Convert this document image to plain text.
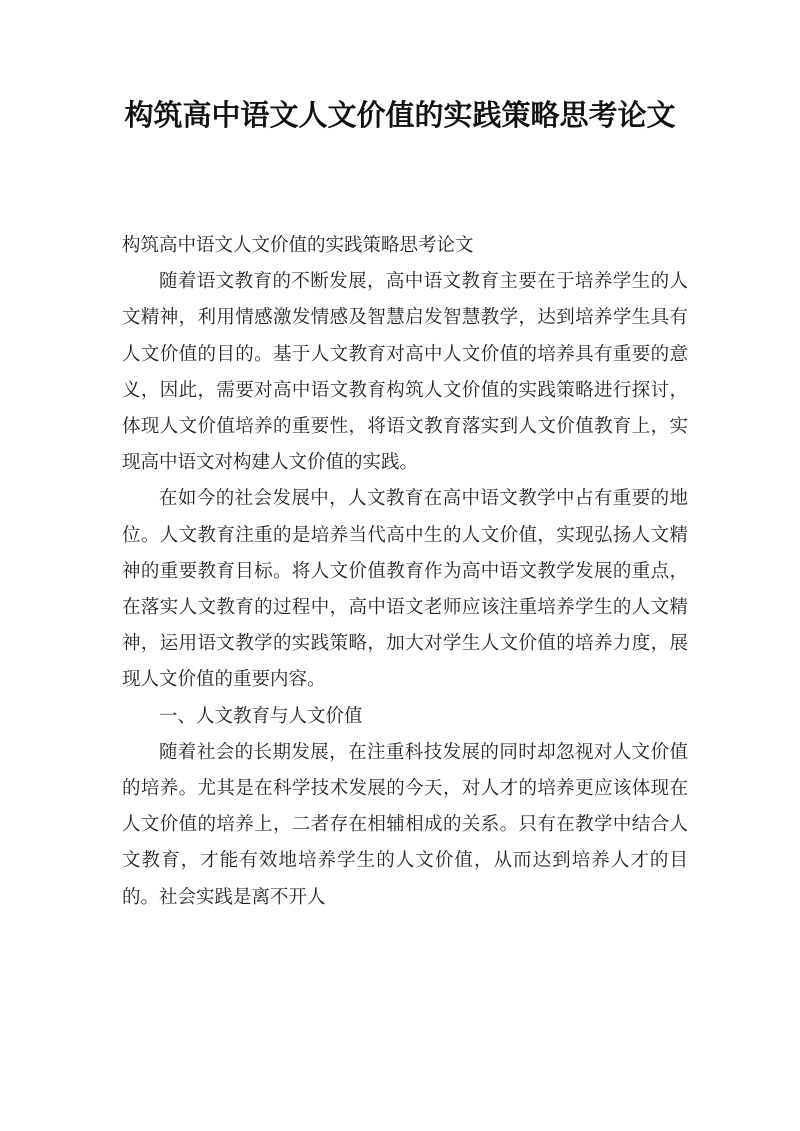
构筑高中语文人文价值的实践策略思考论文

构筑高中语文人文价值的实践策略思考论文

随着语文教育的不断发展，高中语文教育主要在于培养学生的人文精神，利用情感激发情感及智慧启发智慧教学，达到培养学生具有人文价值的目的。基于人文教育对高中人文价值的培养具有重要的意义，因此，需要对高中语文教育构筑人文价值的实践策略进行探讨，体现人文价值培养的重要性，将语文教育落实到人文价值教育上，实现高中语文对构建人文价值的实践。

在如今的社会发展中，人文教育在高中语文教学中占有重要的地位。人文教育注重的是培养当代高中生的人文价值，实现弘扬人文精神的重要教育目标。将人文价值教育作为高中语文教学发展的重点，在落实人文教育的过程中，高中语文老师应该注重培养学生的人文精神，运用语文教学的实践策略，加大对学生人文价值的培养力度，展现人文价值的重要内容。

一、人文教育与人文价值

随着社会的长期发展，在注重科技发展的同时却忽视对人文价值的培养。尤其是在科学技术发展的今天，对人才的培养更应该体现在人文价值的培养上，二者存在相辅相成的关系。只有在教学中结合人文教育，才能有效地培养学生的人文价值，从而达到培养人才的目的。社会实践是离不开人
